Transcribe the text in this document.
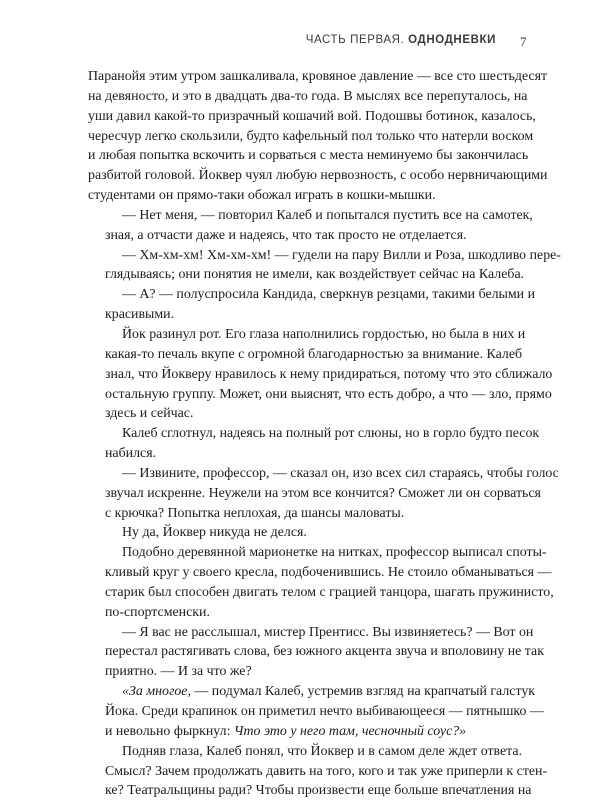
ЧАСТЬ ПЕРВАЯ. ОДНОДНЕВКИ 7

Паранойя этим утром зашкаливала, кровяное давление — все сто шестьдесят
на девяносто, и это в двадцать два-то года. В мыслях все перепуталось, на
уши давил какой-то призрачный кошачий вой. Подошвы ботинок, казалось,
чересчур легко скользили, будто кафельный пол только что натерли воском
и любая попытка вскочить и сорваться с места неминуемо бы закончилась
разбитой головой. Йоквер чуял любую нервозность, с особо нервничающими
студентами он прямо-таки обожал играть в кошки-мышки.

— Нет меня, — повторил Калеб и попытался пустить все на самотек,
зная, а отчасти даже и надеясь, что так просто не отделается.

— Хм-хм-хм! Хм-хм-хм! — гудели на пару Вилли и Роза, шкодливо пере-
глядываясь; они понятия не имели, как воздействует сейчас на Калеба.

— А? — полуспросила Кандида, сверкнув резцами, такими белыми и
красивыми.

Йок разинул рот. Его глаза наполнились гордостью, но была в них и
какая-то печаль вкупе с огромной благодарностью за внимание. Калеб
знал, что Йокверу нравилось к нему придираться, потому что это сближало
остальную группу. Может, они выяснят, что есть добро, а что — зло, прямо
здесь и сейчас.

Калеб сглотнул, надеясь на полный рот слюны, но в горло будто песок
набился.

— Извините, профессор, — сказал он, изо всех сил стараясь, чтобы голос
звучал искренне. Неужели на этом все кончится? Сможет ли он сорваться
с крючка? Попытка неплохая, да шансы маловаты.

Ну да, Йоквер никуда не делся.

Подобно деревянной марионетке на нитках, профессор выписал споты-
кливый круг у своего кресла, подбоченившись. Не стоило обманываться —
старик был способен двигать телом с грацией танцора, шагать пружинисто,
по-спортсменски.

— Я вас не расслышал, мистер Прентисс. Вы извиняетесь? — Вот он
перестал растягивать слова, без южного акцента звуча и вполовину не так
приятно. — И за что же?

«За многое, — подумал Калеб, устремив взгляд на крапчатый галстук
Йока. Среди крапинок он приметил нечто выбивающееся — пятнышко —
и невольно фыркнул: Что это у него там, чесночный соус?»

Подняв глаза, Калеб понял, что Йоквер и в самом деле ждет ответа.
Смысл? Зачем продолжать давить на того, кого и так уже приперли к стен-
ке? Театральщины ради? Чтобы произвести еще больше впечатления на
